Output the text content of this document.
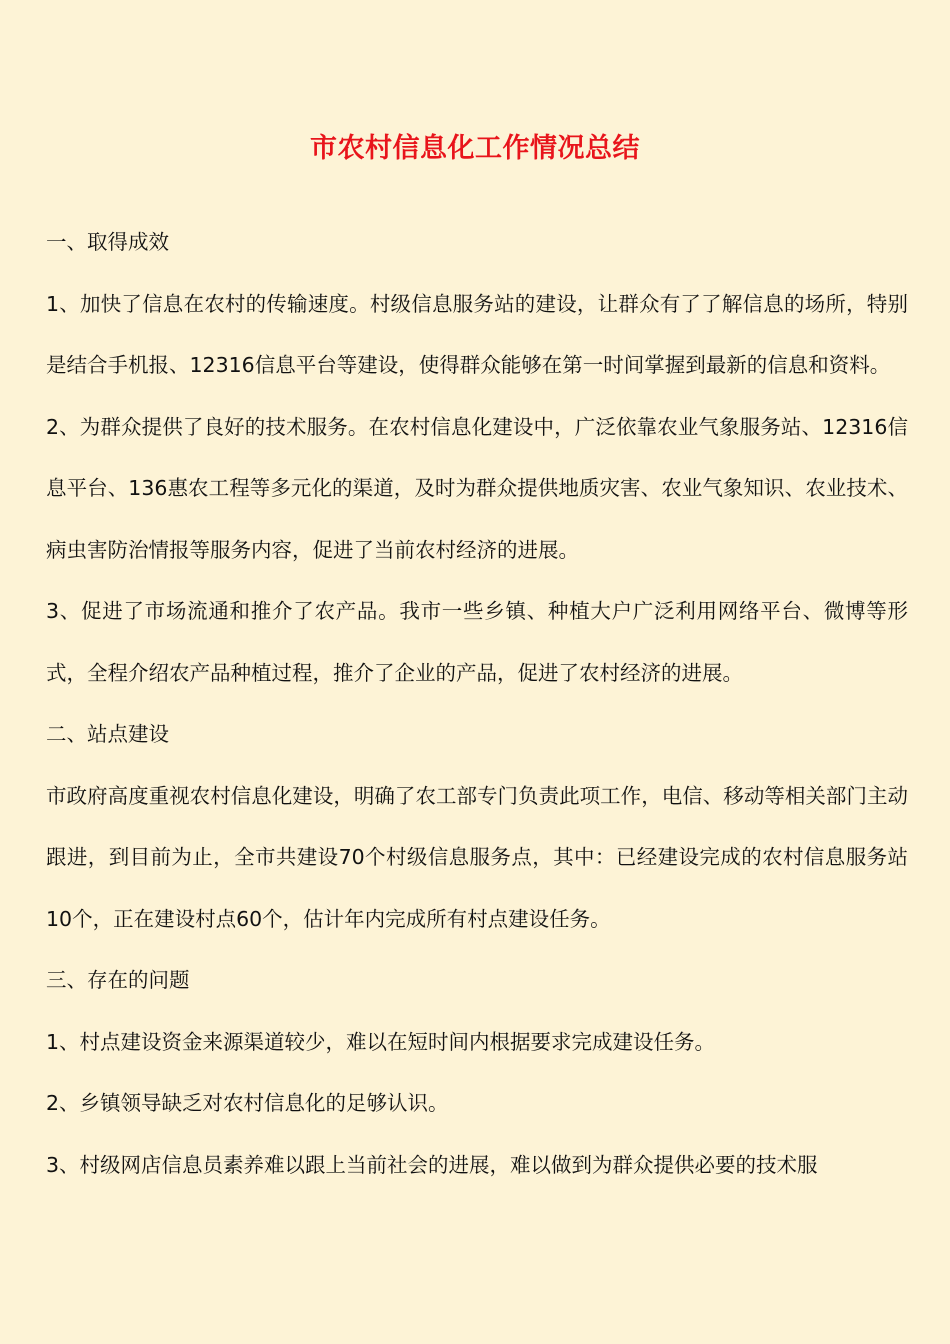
市农村信息化工作情况总结

一、取得成效

1、加快了信息在农村的传输速度。村级信息服务站的建设，让群众有了了解信息的场所，特别是结合手机报、12316信息平台等建设，使得群众能够在第一时间掌握到最新的信息和资料。

2、为群众提供了良好的技术服务。在农村信息化建设中，广泛依靠农业气象服务站、12316信息平台、136惠农工程等多元化的渠道，及时为群众提供地质灾害、农业气象知识、农业技术、病虫害防治情报等服务内容，促进了当前农村经济的进展。

3、促进了市场流通和推介了农产品。我市一些乡镇、种植大户广泛利用网络平台、微博等形式，全程介绍农产品种植过程，推介了企业的产品，促进了农村经济的进展。

二、站点建设

市政府高度重视农村信息化建设，明确了农工部专门负责此项工作，电信、移动等相关部门主动跟进，到目前为止，全市共建设70个村级信息服务点，其中：已经建设完成的农村信息服务站10个，正在建设村点60个，估计年内完成所有村点建设任务。

三、存在的问题

1、村点建设资金来源渠道较少，难以在短时间内根据要求完成建设任务。

2、乡镇领导缺乏对农村信息化的足够认识。

3、村级网店信息员素养难以跟上当前社会的进展，难以做到为群众提供必要的技术服
